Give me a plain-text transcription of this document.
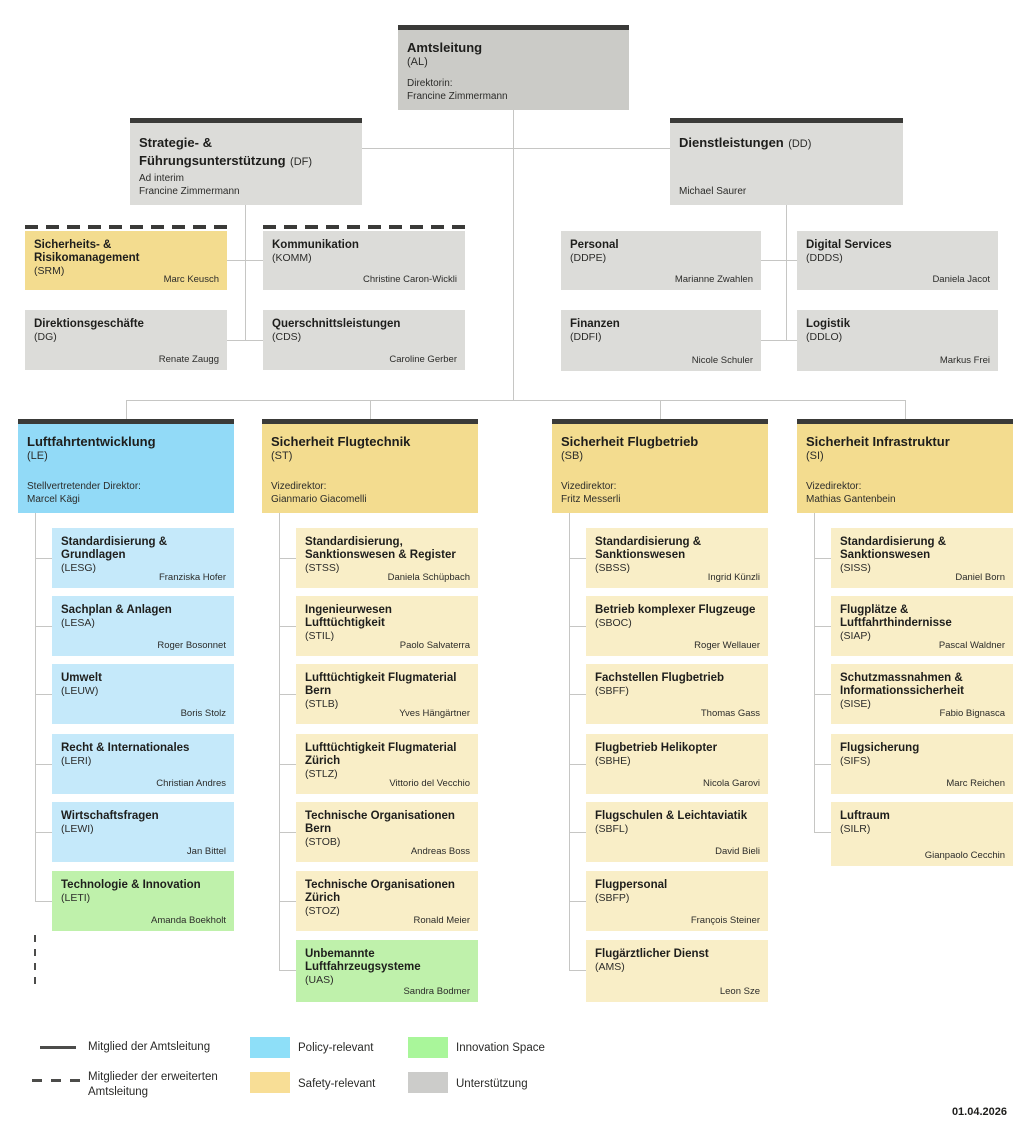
Amtsleitung
(AL)
Direktorin:
Francine Zimmermann
Strategie- & Führungsunterstützung (DF)
Ad interim
Francine Zimmermann
Dienstleistungen (DD)
Michael Saurer
Sicherheits- & Risikomanagement
(SRM)
Marc Keusch
Kommunikation
(KOMM)
Christine Caron-Wickli
Direktionsgeschäfte
(DG)
Renate Zaugg
Querschnittsleistungen
(CDS)
Caroline Gerber
Personal
(DDPE)
Marianne Zwahlen
Digital Services
(DDDS)
Daniela Jacot
Finanzen
(DDFI)
Nicole Schuler
Logistik
(DDLO)
Markus Frei
Luftfahrtentwicklung
(LE)
Stellvertretender Direktor:
Marcel Kägi
Sicherheit Flugtechnik
(ST)
Vizedirektor:
Gianmario Giacomelli
Sicherheit Flugbetrieb
(SB)
Vizedirektor:
Fritz Messerli
Sicherheit Infrastruktur
(SI)
Vizedirektor:
Mathias Gantenbein
Standardisierung & Grundlagen
(LESG)
Franziska Hofer
Sachplan & Anlagen
(LESA)
Roger Bosonnet
Umwelt
(LEUW)
Boris Stolz
Recht & Internationales
(LERI)
Christian Andres
Wirtschaftsfragen
(LEWI)
Jan Bittel
Technologie & Innovation
(LETI)
Amanda Boekholt
Standardisierung, Sanktionswesen & Register
(STSS)
Daniela Schüpbach
Ingenieurwesen Lufttüchtigkeit
(STIL)
Paolo Salvaterra
Lufttüchtigkeit Flugmaterial Bern
(STLB)
Yves Hängärtner
Lufttüchtigkeit Flugmaterial Zürich
(STLZ)
Vittorio del Vecchio
Technische Organisationen Bern
(STOB)
Andreas Boss
Technische Organisationen Zürich
(STOZ)
Ronald Meier
Unbemannte Luftfahrzeugsysteme
(UAS)
Sandra Bodmer
Standardisierung & Sanktionswesen
(SBSS)
Ingrid Künzli
Betrieb komplexer Flugzeuge
(SBOC)
Roger Wellauer
Fachstellen Flugbetrieb
(SBFF)
Thomas Gass
Flugbetrieb Helikopter
(SBHE)
Nicola Garovi
Flugschulen & Leichtaviatik
(SBFL)
David Bieli
Flugpersonal
(SBFP)
François Steiner
Flugärztlicher Dienst
(AMS)
Leon Sze
Standardisierung & Sanktionswesen
(SISS)
Daniel Born
Flugplätze & Luftfahrthindernisse
(SIAP)
Pascal Waldner
Schutzmassnahmen & Informationssicherheit
(SISE)
Fabio Bignasca
Flugsicherung
(SIFS)
Marc Reichen
Luftraum
(SILR)
Gianpaolo Cecchin
Mitglied der Amtsleitung
Mitglieder der erweiterten
Amtsleitung
Policy-relevant
Safety-relevant
Innovation Space
Unterstützung
01.04.2026
